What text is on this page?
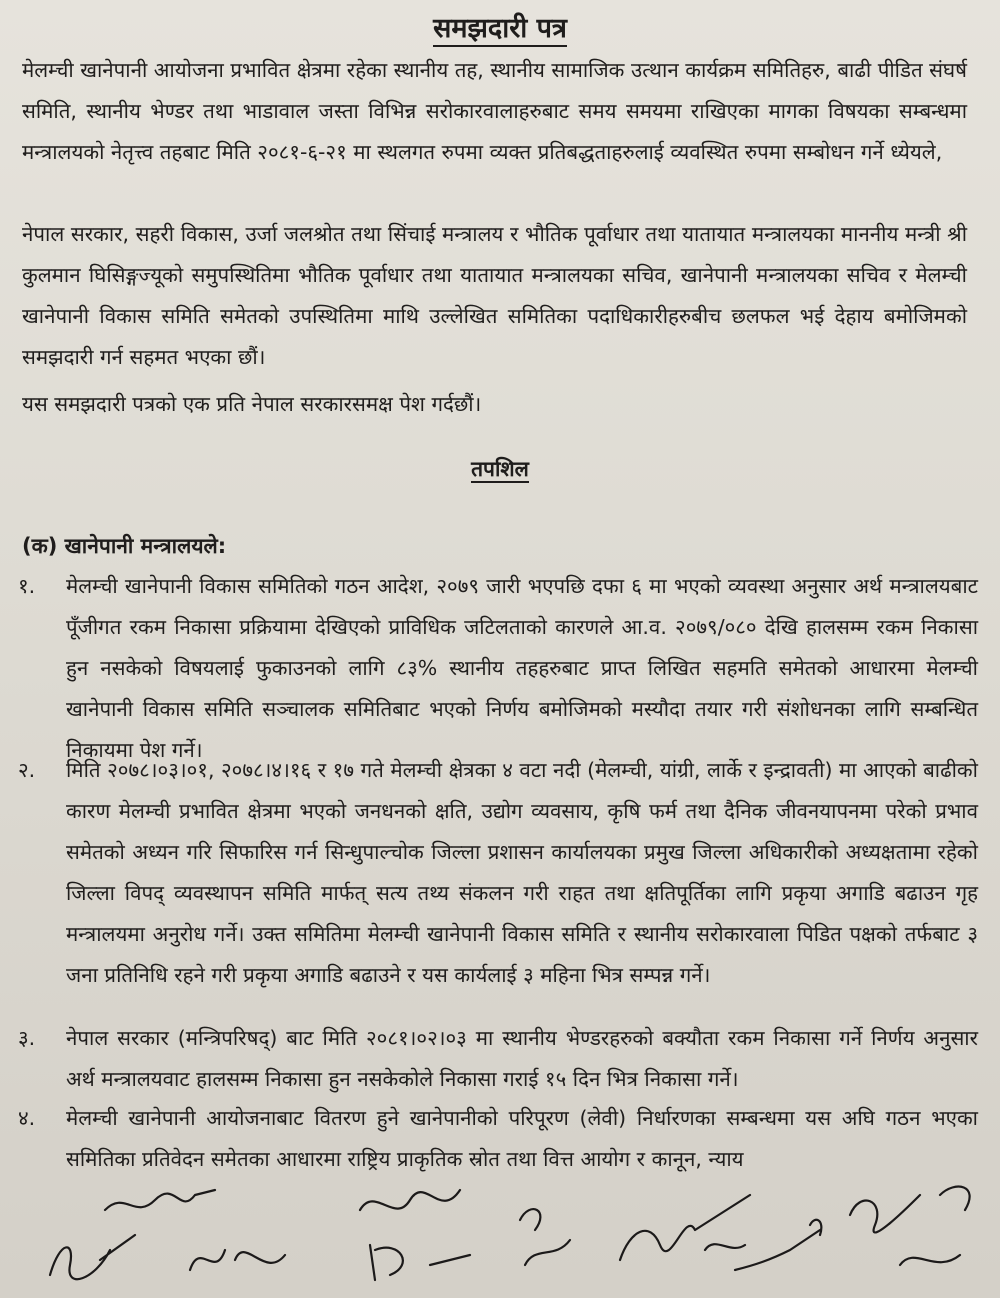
समझदारी पत्र

मेलम्ची खानेपानी आयोजना प्रभावित क्षेत्रमा रहेका स्थानीय तह, स्थानीय सामाजिक उत्थान कार्यक्रम समितिहरु, बाढी पीडित संघर्ष समिति, स्थानीय भेण्डर तथा भाडावाल जस्ता विभिन्न सरोकारवालाहरुबाट समय समयमा राखिएका मागका विषयका सम्बन्धमा मन्त्रालयको नेतृत्त्व तहबाट मिति २०८१-६-२१ मा स्थलगत रुपमा व्यक्त प्रतिबद्धताहरुलाई व्यवस्थित रुपमा सम्बोधन गर्ने ध्येयले,

नेपाल सरकार, सहरी विकास, उर्जा जलश्रोत तथा सिंचाई मन्त्रालय र भौतिक पूर्वाधार तथा यातायात मन्त्रालयका माननीय मन्त्री श्री कुलमान घिसिङ्गज्यूको समुपस्थितिमा भौतिक पूर्वाधार तथा यातायात मन्त्रालयका सचिव, खानेपानी मन्त्रालयका सचिव र मेलम्ची खानेपानी विकास समिति समेतको उपस्थितिमा माथि उल्लेखित समितिका पदाधिकारीहरुबीच छलफल भई देहाय बमोजिमको समझदारी गर्न सहमत भएका छौं।

यस समझदारी पत्रको एक प्रति नेपाल सरकारसमक्ष पेश गर्दछौं।

तपशिल
(क) खानेपानी मन्त्रालयले:
१.	मेलम्ची खानेपानी विकास समितिको गठन आदेश, २०७९ जारी भएपछि दफा ६ मा भएको व्यवस्था अनुसार अर्थ मन्त्रालयबाट पूँजीगत रकम निकासा प्रक्रियामा देखिएको प्राविधिक जटिलताको कारणले आ.व. २०७९/०८० देखि हालसम्म रकम निकासा हुन नसकेको विषयलाई फुकाउनको लागि ८३% स्थानीय तहहरुबाट प्राप्त लिखित सहमति समेतको आधारमा मेलम्ची खानेपानी विकास समिति सञ्चालक समितिबाट भएको निर्णय बमोजिमको मस्यौदा तयार गरी संशोधनका लागि सम्बन्धित निकायमा पेश गर्ने।
२.	मिति २०७८।०३।०१, २०७८।४।१६ र १७ गते मेलम्ची क्षेत्रका ४ वटा नदी (मेलम्ची, यांग्री, लार्के र इन्द्रावती) मा आएको बाढीको कारण मेलम्ची प्रभावित क्षेत्रमा भएको जनधनको क्षति, उद्योग व्यवसाय, कृषि फर्म तथा दैनिक जीवनयापनमा परेको प्रभाव समेतको अध्यन गरि सिफारिस गर्न सिन्धुपाल्चोक जिल्ला प्रशासन कार्यालयका प्रमुख जिल्ला अधिकारीको अध्यक्षतामा रहेको जिल्ला विपद् व्यवस्थापन समिति मार्फत् सत्य तथ्य संकलन गरी राहत तथा क्षतिपूर्तिका लागि प्रकृया अगाडि बढाउन गृह मन्त्रालयमा अनुरोध गर्ने। उक्त समितिमा मेलम्ची खानेपानी विकास समिति र स्थानीय सरोकारवाला पिडित पक्षको तर्फबाट ३ जना प्रतिनिधि रहने गरी प्रकृया अगाडि बढाउने र यस कार्यलाई ३ महिना भित्र सम्पन्न गर्ने।
३.	नेपाल सरकार (मन्त्रिपरिषद्) बाट मिति २०८१।०२।०३ मा स्थानीय भेण्डरहरुको बक्यौता रकम निकासा गर्ने निर्णय अनुसार अर्थ मन्त्रालयवाट हालसम्म निकासा हुन नसकेकोले निकासा गराई १५ दिन भित्र निकासा गर्ने।
४.	मेलम्ची खानेपानी आयोजनाबाट वितरण हुने खानेपानीको परिपूरण (लेवी) निर्धारणका सम्बन्धमा यस अघि गठन भएका समितिका प्रतिवेदन समेतका आधारमा राष्ट्रिय प्राकृतिक स्रोत तथा वित्त आयोग र कानून, न्याय
